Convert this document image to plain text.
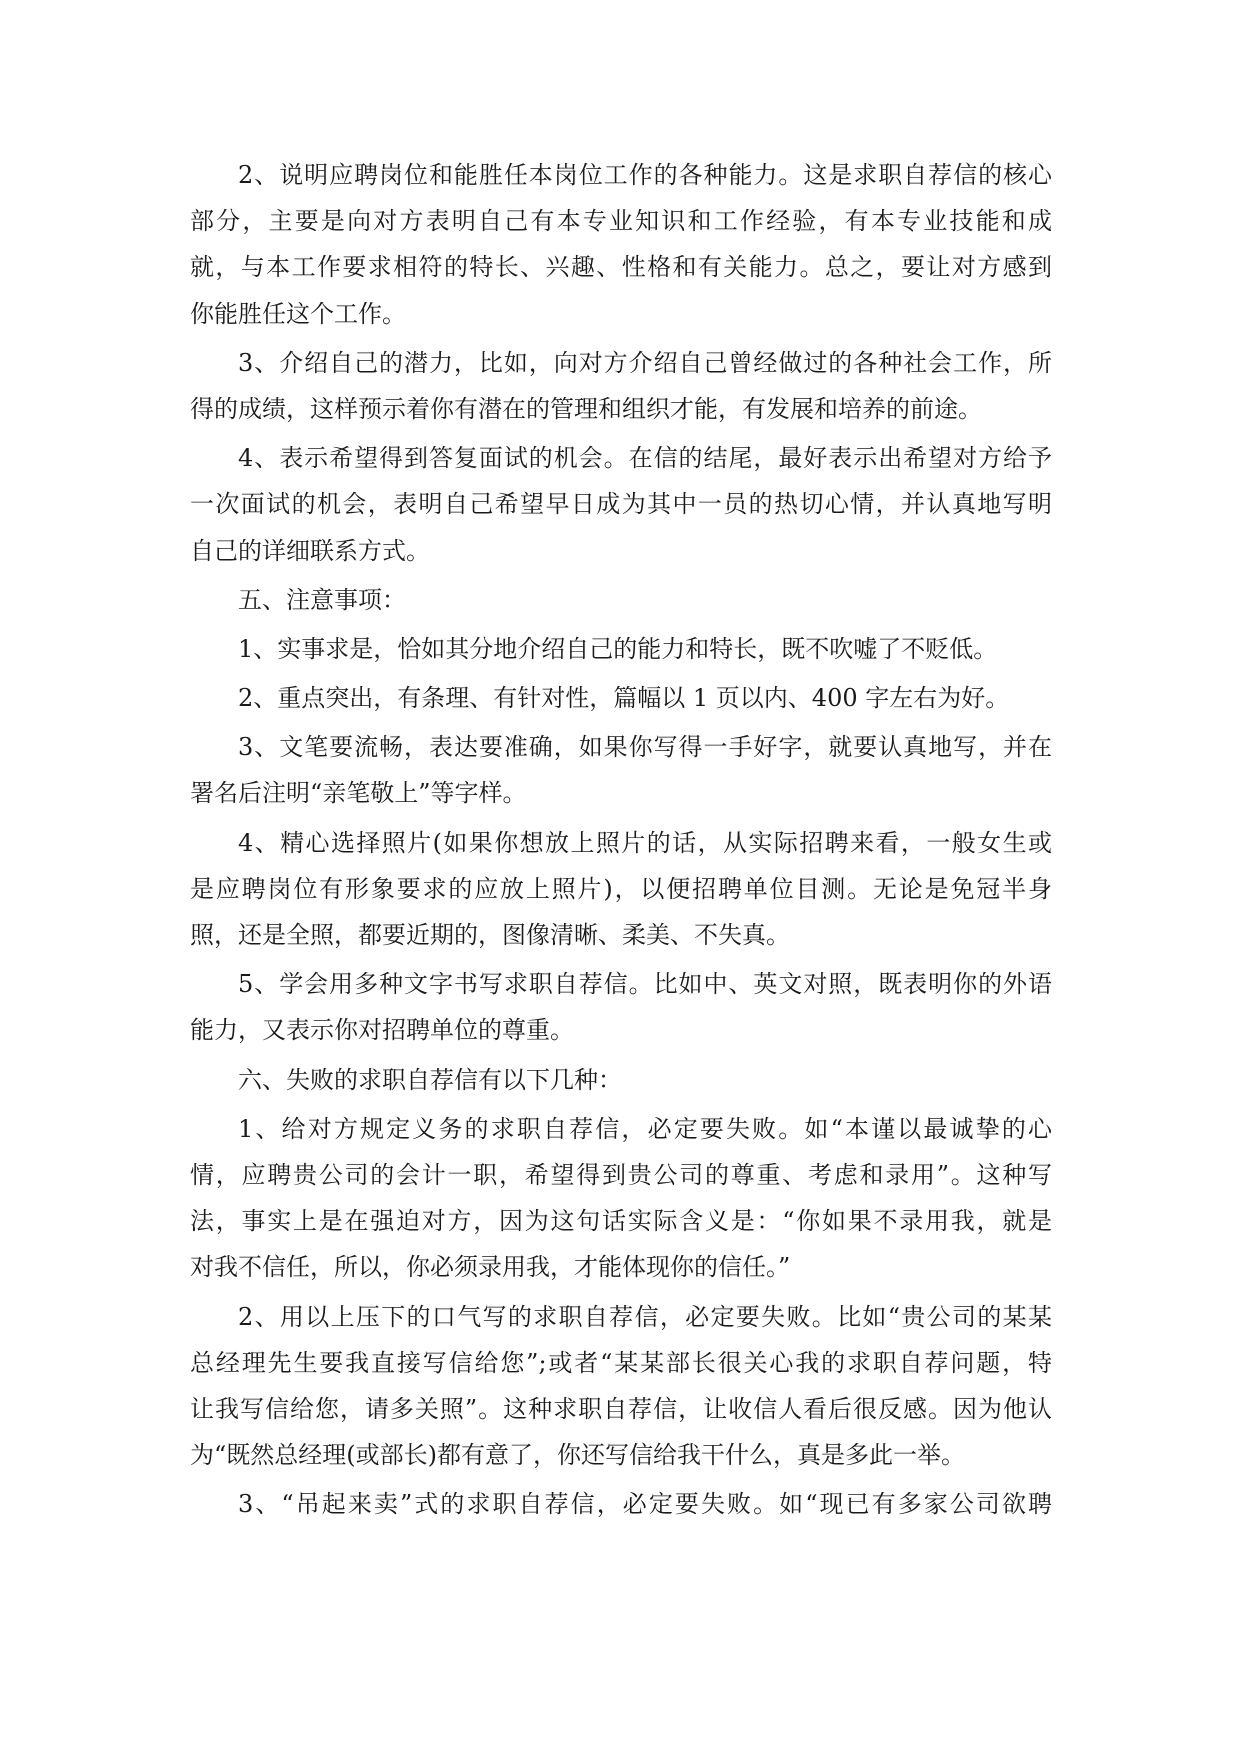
2、说明应聘岗位和能胜任本岗位工作的各种能力。这是求职自荐信的核心
部分，主要是向对方表明自己有本专业知识和工作经验，有本专业技能和成
就，与本工作要求相符的特长、兴趣、性格和有关能力。总之，要让对方感到
你能胜任这个工作。
3、介绍自己的潜力，比如，向对方介绍自己曾经做过的各种社会工作，所
得的成绩，这样预示着你有潜在的管理和组织才能，有发展和培养的前途。
4、表示希望得到答复面试的机会。在信的结尾，最好表示出希望对方给予
一次面试的机会，表明自己希望早日成为其中一员的热切心情，并认真地写明
自己的详细联系方式。
五、注意事项：
1、实事求是，恰如其分地介绍自己的能力和特长，既不吹嘘了不贬低。
2、重点突出，有条理、有针对性，篇幅以 1 页以内、400 字左右为好。
3、文笔要流畅，表达要准确，如果你写得一手好字，就要认真地写，并在
署名后注明“亲笔敬上”等字样。
4、精心选择照片(如果你想放上照片的话，从实际招聘来看，一般女生或
是应聘岗位有形象要求的应放上照片)，以便招聘单位目测。无论是免冠半身
照，还是全照，都要近期的，图像清晰、柔美、不失真。
5、学会用多种文字书写求职自荐信。比如中、英文对照，既表明你的外语
能力，又表示你对招聘单位的尊重。
六、失败的求职自荐信有以下几种：
1、给对方规定义务的求职自荐信，必定要失败。如“本谨以最诚挚的心
情，应聘贵公司的会计一职，希望得到贵公司的尊重、考虑和录用”。这种写
法，事实上是在强迫对方，因为这句话实际含义是：“你如果不录用我，就是
对我不信任，所以，你必须录用我，才能体现你的信任。”
2、用以上压下的口气写的求职自荐信，必定要失败。比如“贵公司的某某
总经理先生要我直接写信给您”;或者“某某部长很关心我的求职自荐问题，特
让我写信给您，请多关照”。这种求职自荐信，让收信人看后很反感。因为他认
为“既然总经理(或部长)都有意了，你还写信给我干什么，真是多此一举。
3、“吊起来卖”式的求职自荐信，必定要失败。如“现已有多家公司欲聘
